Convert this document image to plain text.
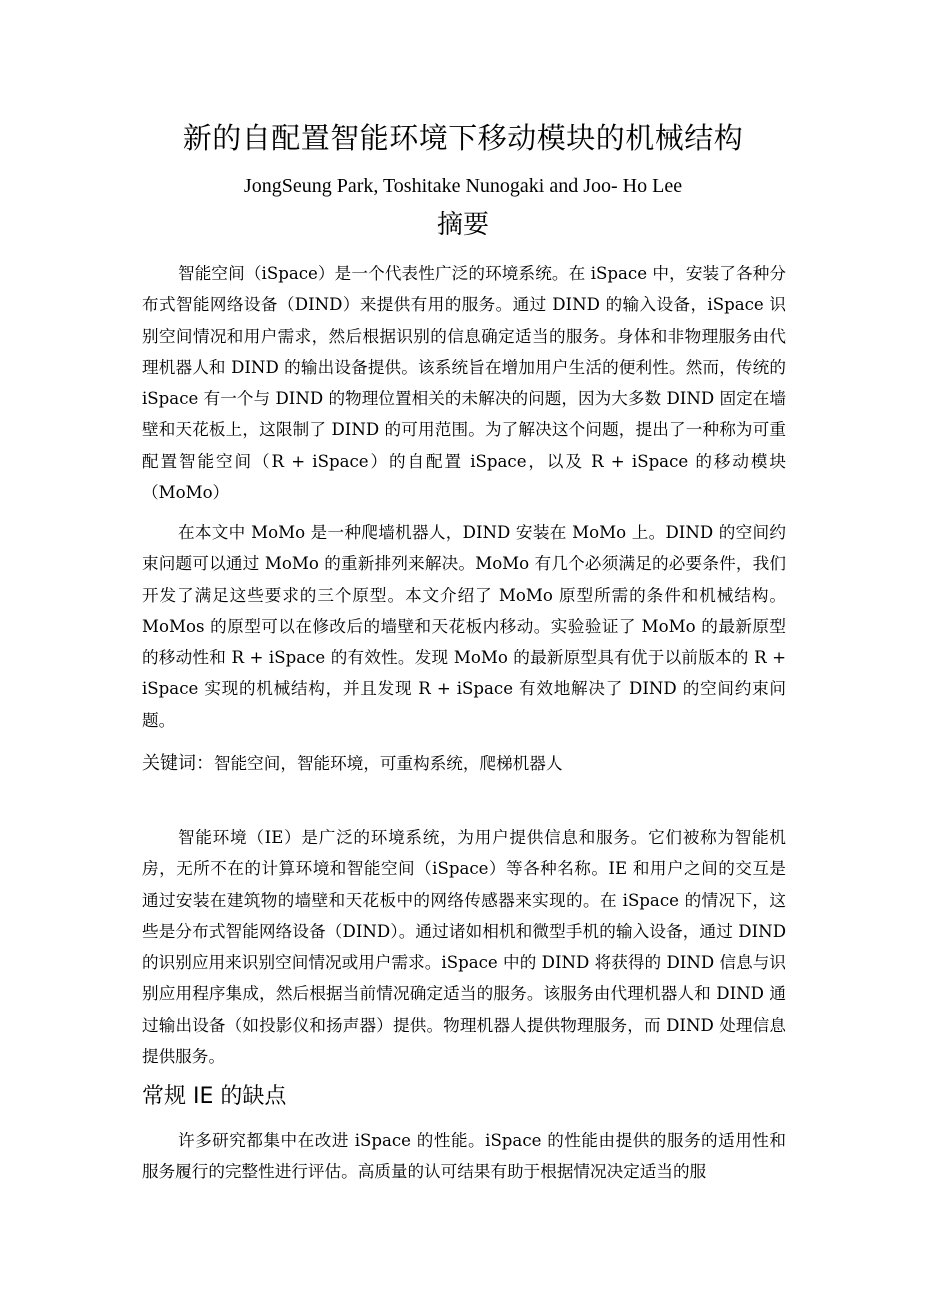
新的自配置智能环境下移动模块的机械结构

JongSeung Park, Toshitake Nunogaki and Joo‐ Ho Lee

摘要

智能空间（iSpace）是一个代表性广泛的环境系统。在 iSpace 中，安装了各种分布式智能网络设备（DIND）来提供有用的服务。通过 DIND 的输入设备，iSpace 识别空间情况和用户需求，然后根据识别的信息确定适当的服务。身体和非物理服务由代理机器人和 DIND 的输出设备提供。该系统旨在增加用户生活的便利性。然而，传统的 iSpace 有一个与 DIND 的物理位置相关的未解决的问题，因为大多数 DIND 固定在墙壁和天花板上，这限制了 DIND 的可用范围。为了解决这个问题，提出了一种称为可重配置智能空间（R + iSpace）的自配置 iSpace，以及 R + iSpace 的移动模块（MoMo）

在本文中 MoMo 是一种爬墙机器人，DIND 安装在 MoMo 上。DIND 的空间约束问题可以通过 MoMo 的重新排列来解决。MoMo 有几个必须满足的必要条件，我们开发了满足这些要求的三个原型。本文介绍了 MoMo 原型所需的条件和机械结构。MoMos 的原型可以在修改后的墙壁和天花板内移动。实验验证了 MoMo 的最新原型的移动性和 R + iSpace 的有效性。发现 MoMo 的最新原型具有优于以前版本的 R + iSpace 实现的机械结构，并且发现 R + iSpace 有效地解决了 DIND 的空间约束问题。

关键词：智能空间，智能环境，可重构系统，爬梯机器人

智能环境（IE）是广泛的环境系统，为用户提供信息和服务。它们被称为智能机房，无所不在的计算环境和智能空间（iSpace）等各种名称。IE 和用户之间的交互是通过安装在建筑物的墙壁和天花板中的网络传感器来实现的。在 iSpace 的情况下，这些是分布式智能网络设备（DIND）。通过诸如相机和微型手机的输入设备，通过 DIND 的识别应用来识别空间情况或用户需求。iSpace 中的 DIND 将获得的 DIND 信息与识别应用程序集成，然后根据当前情况确定适当的服务。该服务由代理机器人和 DIND 通过输出设备（如投影仪和扬声器）提供。物理机器人提供物理服务，而 DIND 处理信息提供服务。

常规 IE 的缺点

许多研究都集中在改进 iSpace 的性能。iSpace 的性能由提供的服务的适用性和服务履行的完整性进行评估。高质量的认可结果有助于根据情况决定适当的服
